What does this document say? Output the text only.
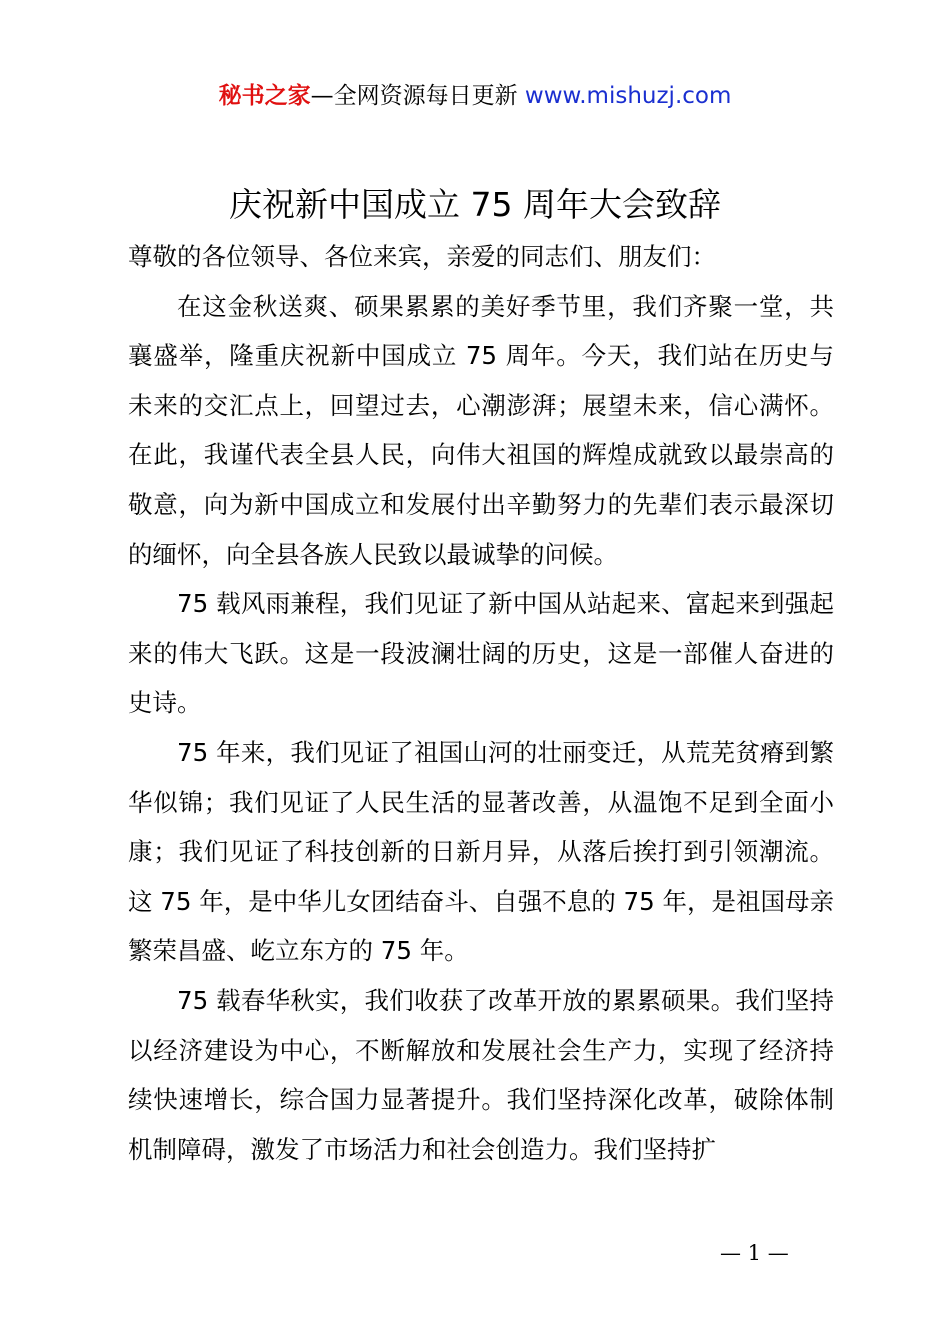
秘书之家—全网资源每日更新 www.mishuzj.com
庆祝新中国成立 75 周年大会致辞

尊敬的各位领导、各位来宾，亲爱的同志们、朋友们：

在这金秋送爽、硕果累累的美好季节里，我们齐聚一堂，共襄盛举，隆重庆祝新中国成立 75 周年。今天，我们站在历史与未来的交汇点上，回望过去，心潮澎湃；展望未来，信心满怀。在此，我谨代表全县人民，向伟大祖国的辉煌成就致以最崇高的敬意，向为新中国成立和发展付出辛勤努力的先辈们表示最深切的缅怀，向全县各族人民致以最诚挚的问候。

75 载风雨兼程，我们见证了新中国从站起来、富起来到强起来的伟大飞跃。这是一段波澜壮阔的历史，这是一部催人奋进的史诗。

75 年来，我们见证了祖国山河的壮丽变迁，从荒芜贫瘠到繁华似锦；我们见证了人民生活的显著改善，从温饱不足到全面小康；我们见证了科技创新的日新月异，从落后挨打到引领潮流。这 75 年，是中华儿女团结奋斗、自强不息的 75 年，是祖国母亲繁荣昌盛、屹立东方的 75 年。

75 载春华秋实，我们收获了改革开放的累累硕果。我们坚持以经济建设为中心，不断解放和发展社会生产力，实现了经济持续快速增长，综合国力显著提升。我们坚持深化改革，破除体制机制障碍，激发了市场活力和社会创造力。我们坚持扩

— 1 —
